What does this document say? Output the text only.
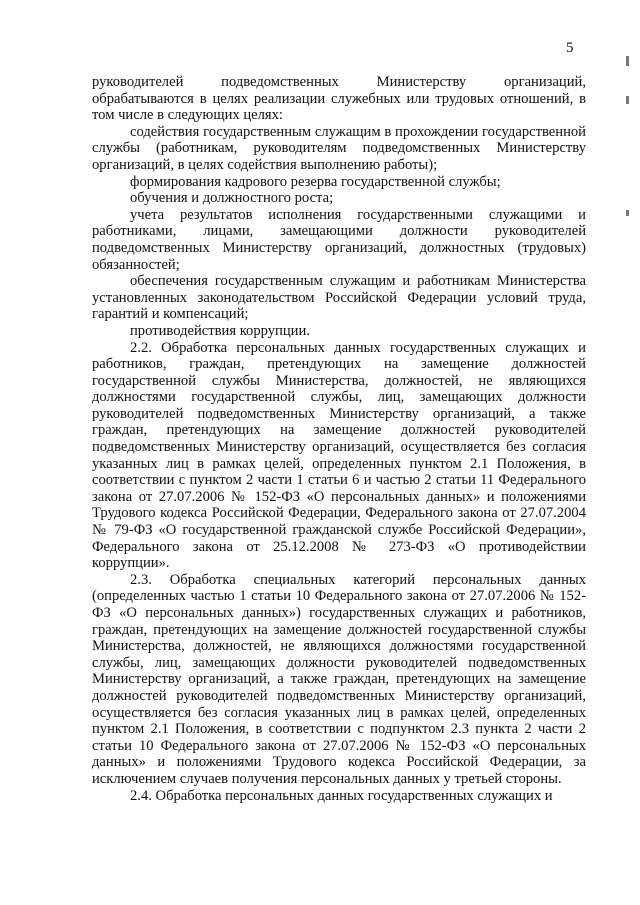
5

руководителей подведомственных Министерству организаций, обрабатываются в целях реализации служебных или трудовых отношений, в том числе в следующих целях:

содействия государственным служащим в прохождении государственной службы (работникам, руководителям подведомственных Министерству организаций, в целях содействия выполнению работы);

формирования кадрового резерва государственной службы;

обучения и должностного роста;

учета результатов исполнения государственными служащими и работниками, лицами, замещающими должности руководителей подведомственных Министерству организаций, должностных (трудовых) обязанностей;

обеспечения государственным служащим и работникам Министерства установленных законодательством Российской Федерации условий труда, гарантий и компенсаций;

противодействия коррупции.

2.2. Обработка персональных данных государственных служащих и работников, граждан, претендующих на замещение должностей государственной службы Министерства, должностей, не являющихся должностями государственной службы, лиц, замещающих должности руководителей подведомственных Министерству организаций, а также граждан, претендующих на замещение должностей руководителей подведомственных Министерству организаций, осуществляется без согласия указанных лиц в рамках целей, определенных пунктом 2.1 Положения, в соответствии с пунктом 2 части 1 статьи 6 и частью 2 статьи 11 Федерального закона от 27.07.2006 № 152-ФЗ «О персональных данных» и положениями Трудового кодекса Российской Федерации, Федерального закона от 27.07.2004 № 79-ФЗ «О государственной гражданской службе Российской Федерации», Федерального закона от 25.12.2008 № 273-ФЗ «О противодействии коррупции».

2.3. Обработка специальных категорий персональных данных (определенных частью 1 статьи 10 Федерального закона от 27.07.2006 № 152-ФЗ «О персональных данных») государственных служащих и работников, граждан, претендующих на замещение должностей государственной службы Министерства, должностей, не являющихся должностями государственной службы, лиц, замещающих должности руководителей подведомственных Министерству организаций, а также граждан, претендующих на замещение должностей руководителей подведомственных Министерству организаций, осуществляется без согласия указанных лиц в рамках целей, определенных пунктом 2.1 Положения, в соответствии с подпунктом 2.3 пункта 2 части 2 статьи 10 Федерального закона от 27.07.2006 № 152-ФЗ «О персональных данных» и положениями Трудового кодекса Российской Федерации, за исключением случаев получения персональных данных у третьей стороны.

2.4. Обработка персональных данных государственных служащих и
